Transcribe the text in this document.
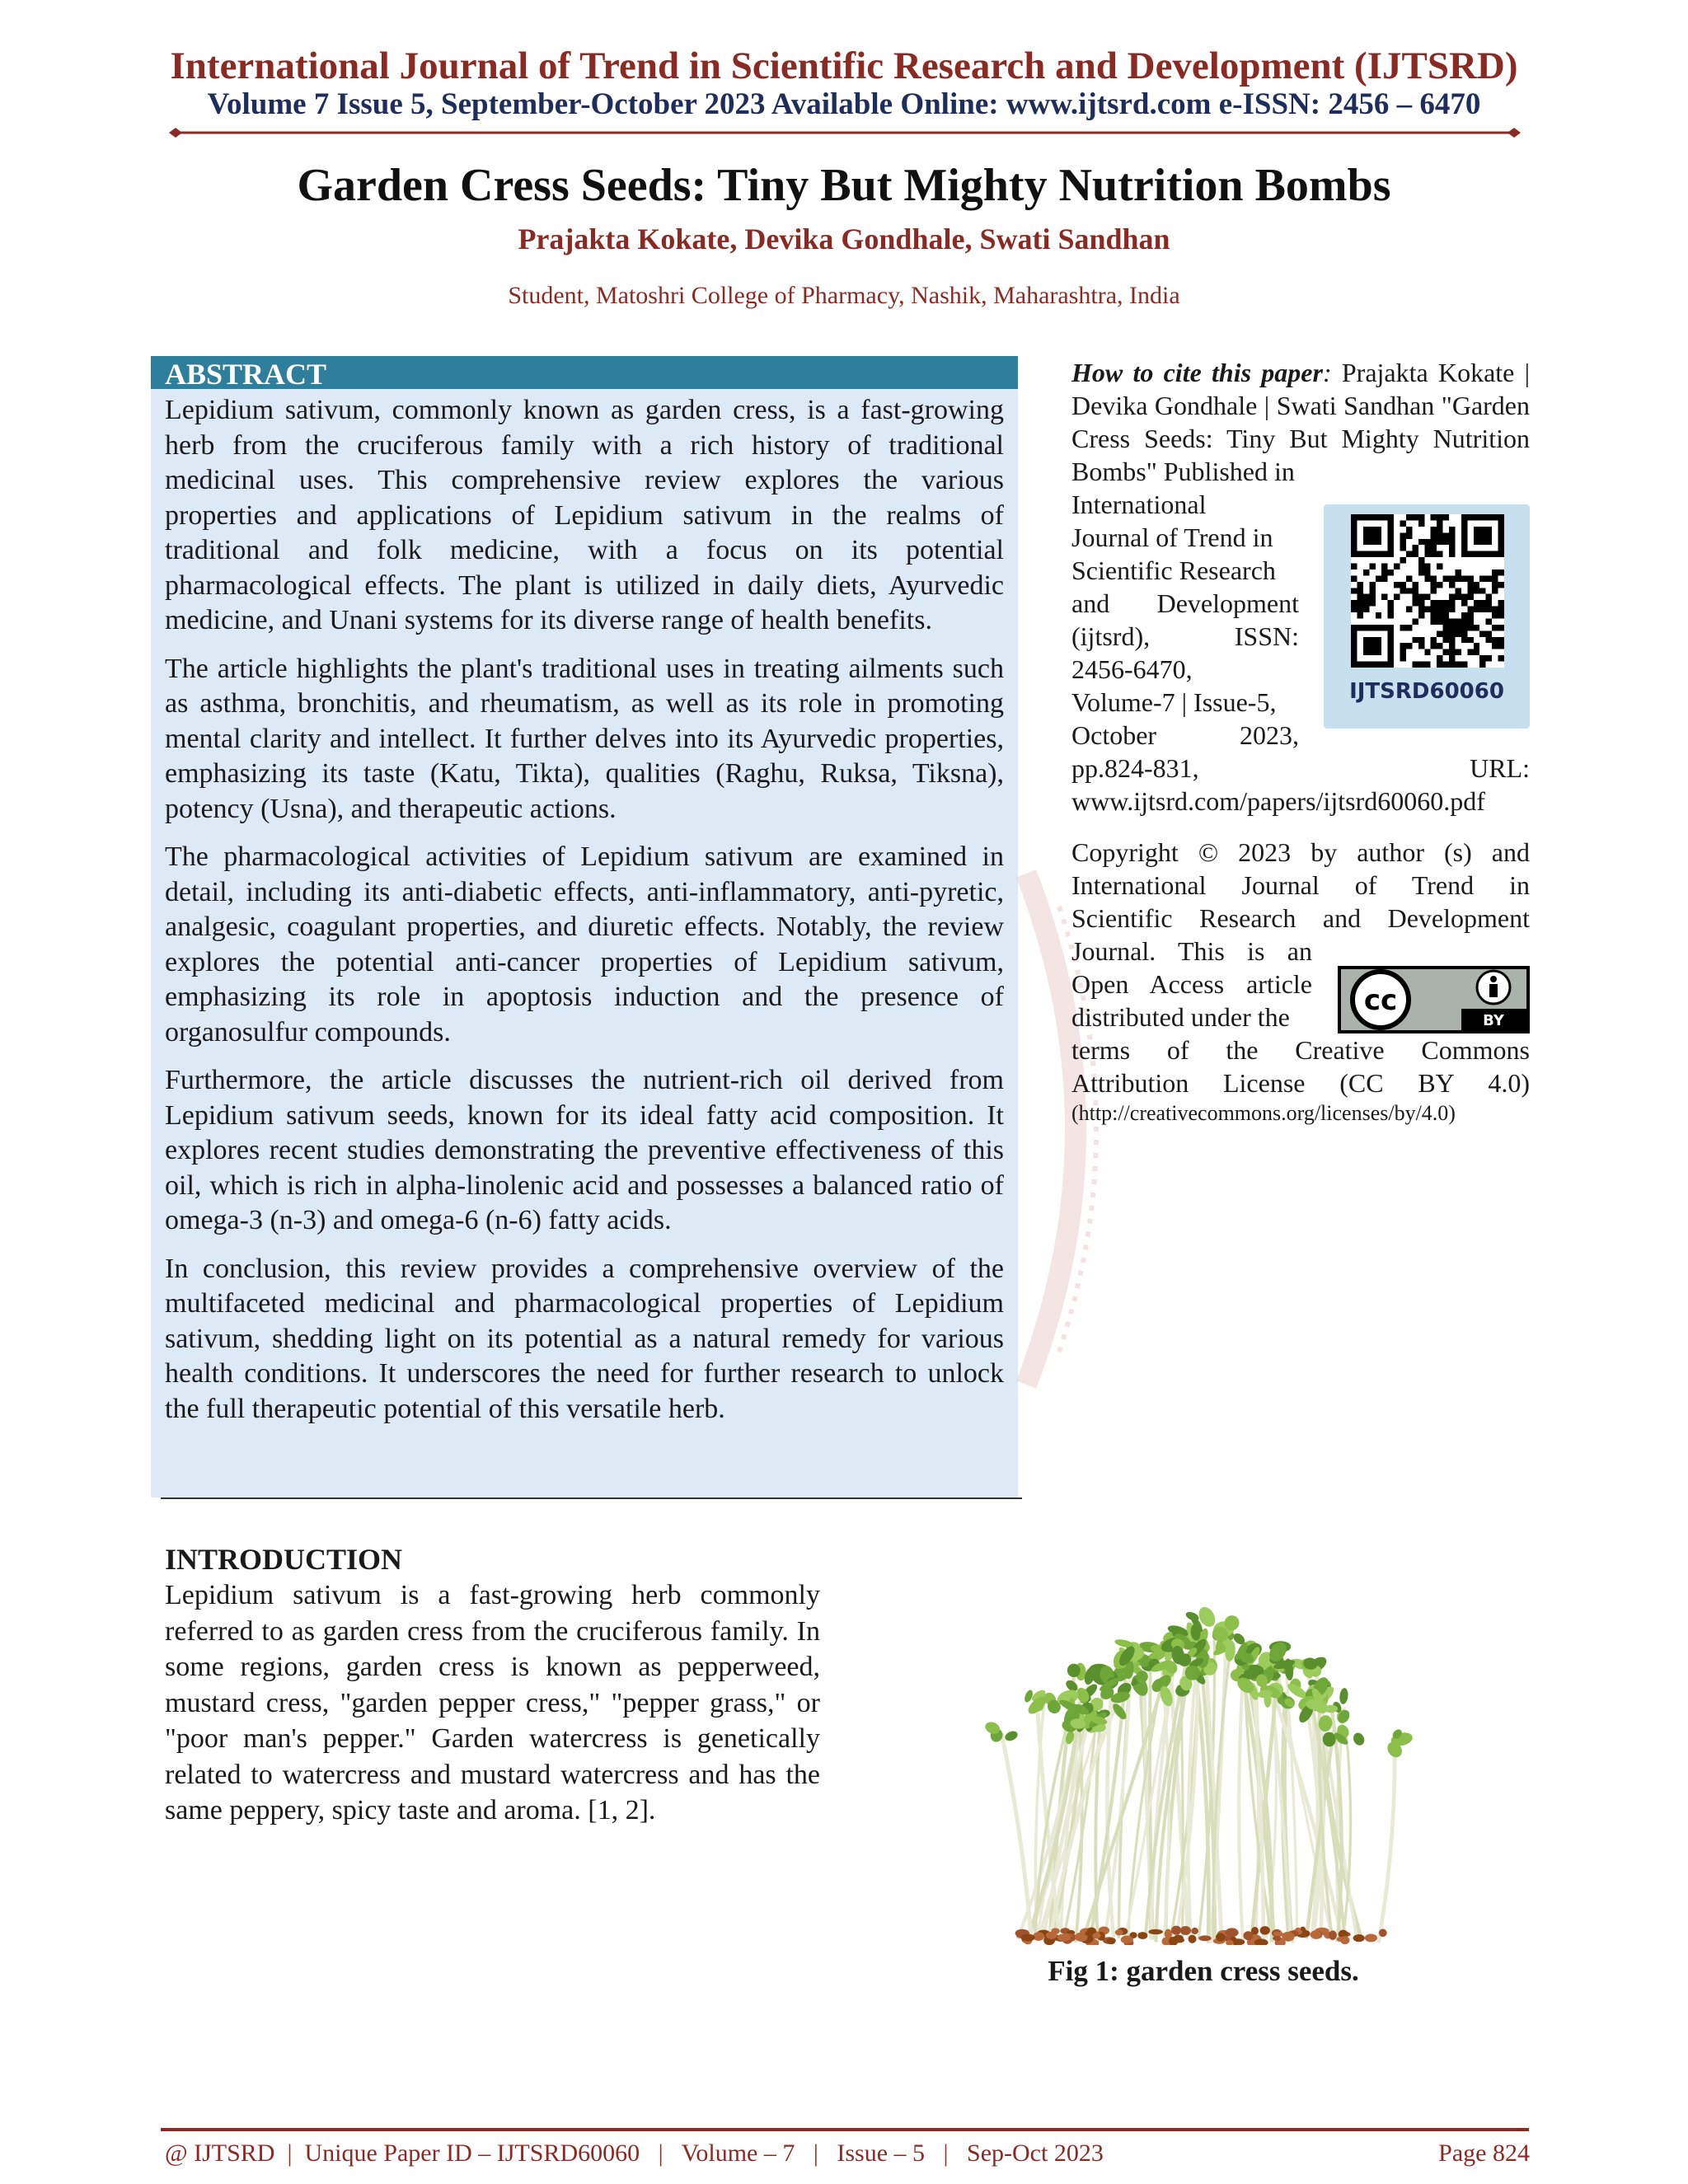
International Journal of Trend in Scientific Research and Development (IJTSRD)
Volume 7 Issue 5, September-October 2023 Available Online: www.ijtsrd.com e-ISSN: 2456 – 6470
Garden Cress Seeds: Tiny But Mighty Nutrition Bombs
Prajakta Kokate, Devika Gondhale, Swati Sandhan
Student, Matoshri College of Pharmacy, Nashik, Maharashtra, India
ABSTRACT

Lepidium sativum, commonly known as garden cress, is a fast-growing herb from the cruciferous family with a rich history of traditional medicinal uses. This comprehensive review explores the various properties and applications of Lepidium sativum in the realms of traditional and folk medicine, with a focus on its potential pharmacological effects. The plant is utilized in daily diets, Ayurvedic medicine, and Unani systems for its diverse range of health benefits.

The article highlights the plant's traditional uses in treating ailments such as asthma, bronchitis, and rheumatism, as well as its role in promoting mental clarity and intellect. It further delves into its Ayurvedic properties, emphasizing its taste (Katu, Tikta), qualities (Raghu, Ruksa, Tiksna), potency (Usna), and therapeutic actions.

The pharmacological activities of Lepidium sativum are examined in detail, including its anti-diabetic effects, anti-inflammatory, anti-pyretic, analgesic, coagulant properties, and diuretic effects. Notably, the review explores the potential anti-cancer properties of Lepidium sativum, emphasizing its role in apoptosis induction and the presence of organosulfur compounds.

Furthermore, the article discusses the nutrient-rich oil derived from Lepidium sativum seeds, known for its ideal fatty acid composition. It explores recent studies demonstrating the preventive effectiveness of this oil, which is rich in alpha-linolenic acid and possesses a balanced ratio of omega-3 (n-3) and omega-6 (n-6) fatty acids.

In conclusion, this review provides a comprehensive overview of the multifaceted medicinal and pharmacological properties of Lepidium sativum, shedding light on its potential as a natural remedy for various health conditions. It underscores the need for further research to unlock the full therapeutic potential of this versatile herb.

How to cite this paper: Prajakta Kokate | Devika Gondhale | Swati Sandhan "Garden Cress Seeds: Tiny But Mighty Nutrition Bombs" Published in

International
Journal of Trend in
Scientific Research
and Development
(ijtsrd), ISSN:
2456-6470,
Volume-7 | Issue-5,
October 2023,
pp.824-831,	URL:
www.ijtsrd.com/papers/ijtsrd60060.pdf
Copyright © 2023 by author (s) and
International Journal of Trend in
Scientific Research and Development
Journal. This is an
Open Access article
distributed under the
terms of the Creative Commons
Attribution License (CC BY 4.0)
(http://creativecommons.org/licenses/by/4.0)
IJTSRD60060
cc
BY
INTRODUCTION

Lepidium sativum is a fast-growing herb commonly referred to as garden cress from the cruciferous family. In some regions, garden cress is known as pepperweed, mustard cress, "garden pepper cress," "pepper grass," or "poor man's pepper." Garden watercress is genetically related to watercress and mustard watercress and has the same peppery, spicy taste and aroma. [1, 2].

Fig 1: garden cress seeds.
@ IJTSRD  |  Unique Paper ID – IJTSRD60060   |   Volume – 7   |   Issue – 5   |   Sep-Oct 2023	Page 824
